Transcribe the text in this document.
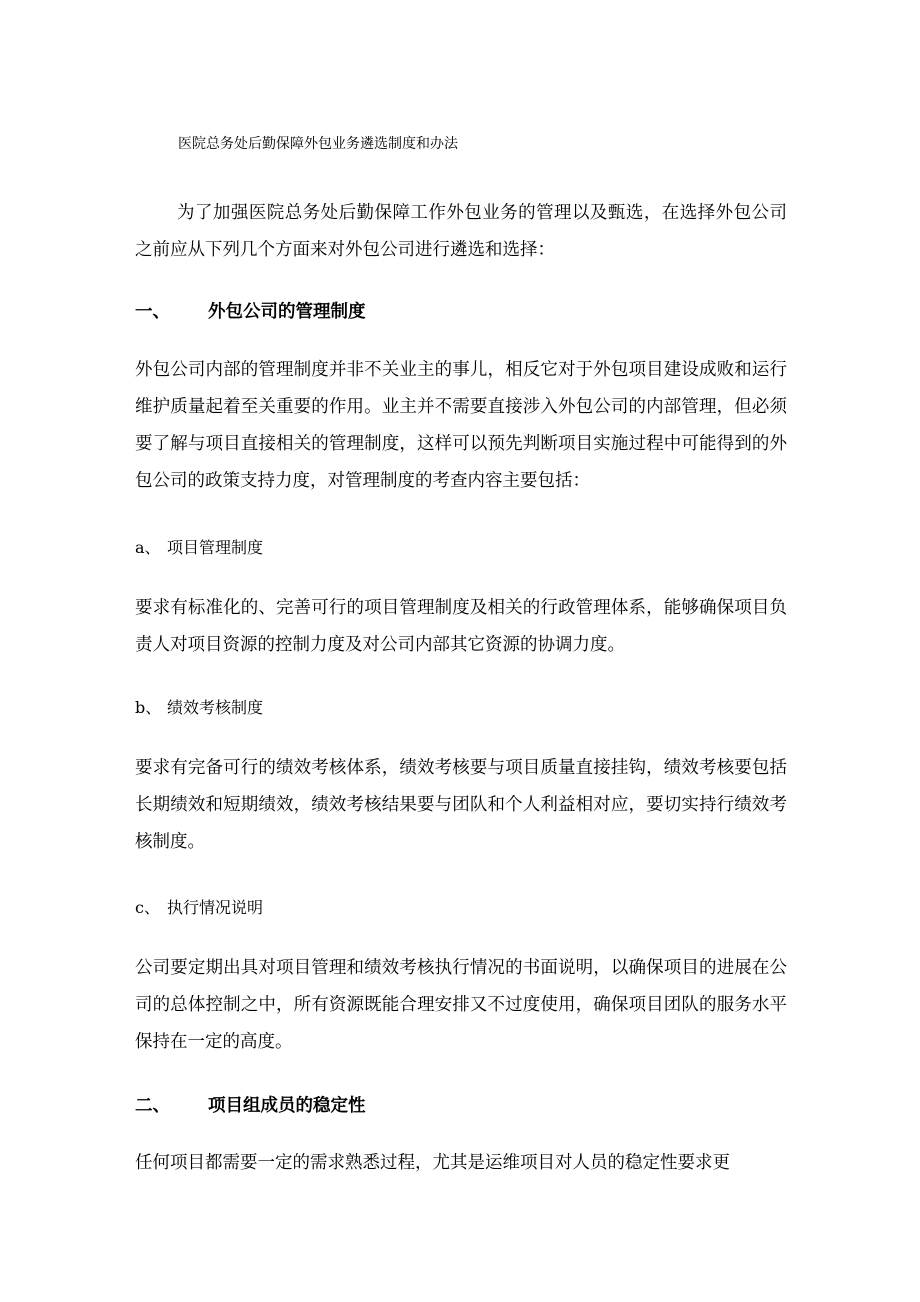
医院总务处后勤保障外包业务遴选制度和办法

为了加强医院总务处后勤保障工作外包业务的管理以及甄选，在选择外包公司之前应从下列几个方面来对外包公司进行遴选和选择：

一、 外包公司的管理制度

外包公司内部的管理制度并非不关业主的事儿，相反它对于外包项目建设成败和运行维护质量起着至关重要的作用。业主并不需要直接涉入外包公司的内部管理，但必须要了解与项目直接相关的管理制度，这样可以预先判断项目实施过程中可能得到的外包公司的政策支持力度，对管理制度的考查内容主要包括：

a、 项目管理制度

要求有标准化的、完善可行的项目管理制度及相关的行政管理体系，能够确保项目负责人对项目资源的控制力度及对公司内部其它资源的协调力度。

b、 绩效考核制度

要求有完备可行的绩效考核体系，绩效考核要与项目质量直接挂钩，绩效考核要包括长期绩效和短期绩效，绩效考核结果要与团队和个人利益相对应，要切实持行绩效考核制度。

c、 执行情况说明

公司要定期出具对项目管理和绩效考核执行情况的书面说明，以确保项目的进展在公司的总体控制之中，所有资源既能合理安排又不过度使用，确保项目团队的服务水平保持在一定的高度。

二、 项目组成员的稳定性

任何项目都需要一定的需求熟悉过程，尤其是运维项目对人员的稳定性要求更
